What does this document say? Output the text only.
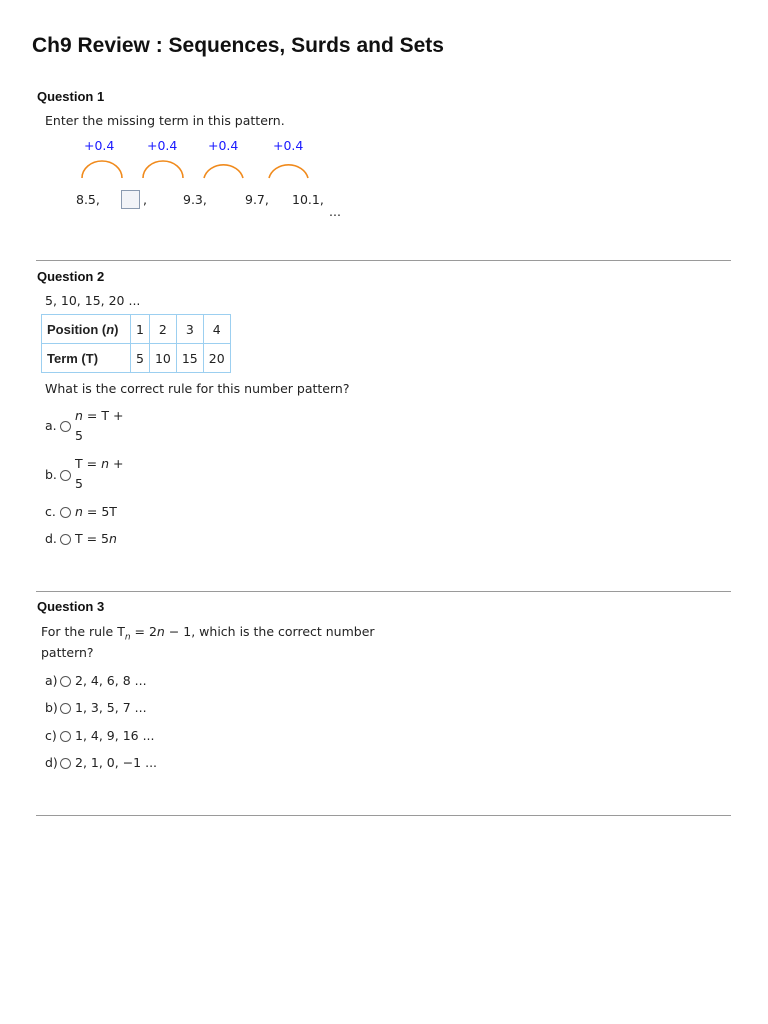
Ch9 Review : Sequences, Surds and Sets
Question 1
Enter the missing term in this pattern.
+0.4	+0.4 +0.4	+0.4
8.5,	,	9.3,	9.7, 10.1,
...
Question 2
5, 10, 15, 20 ...
Position (n)	1	2	3	4
Term (T)	5	10	15	20
What is the correct rule for this number pattern?
a.
n = T +
5
b.
T = n +
5
c. n = 5T
d. T = 5n
Question 3
For the rule $T_n = 2n - 1$, which is the correct number
pattern?
a) 2, 4, 6, 8 ...
b) 1, 3, 5, 7 ...
c) 1, 4, 9, 16 ...
d) 2, 1, 0, −1 ...
